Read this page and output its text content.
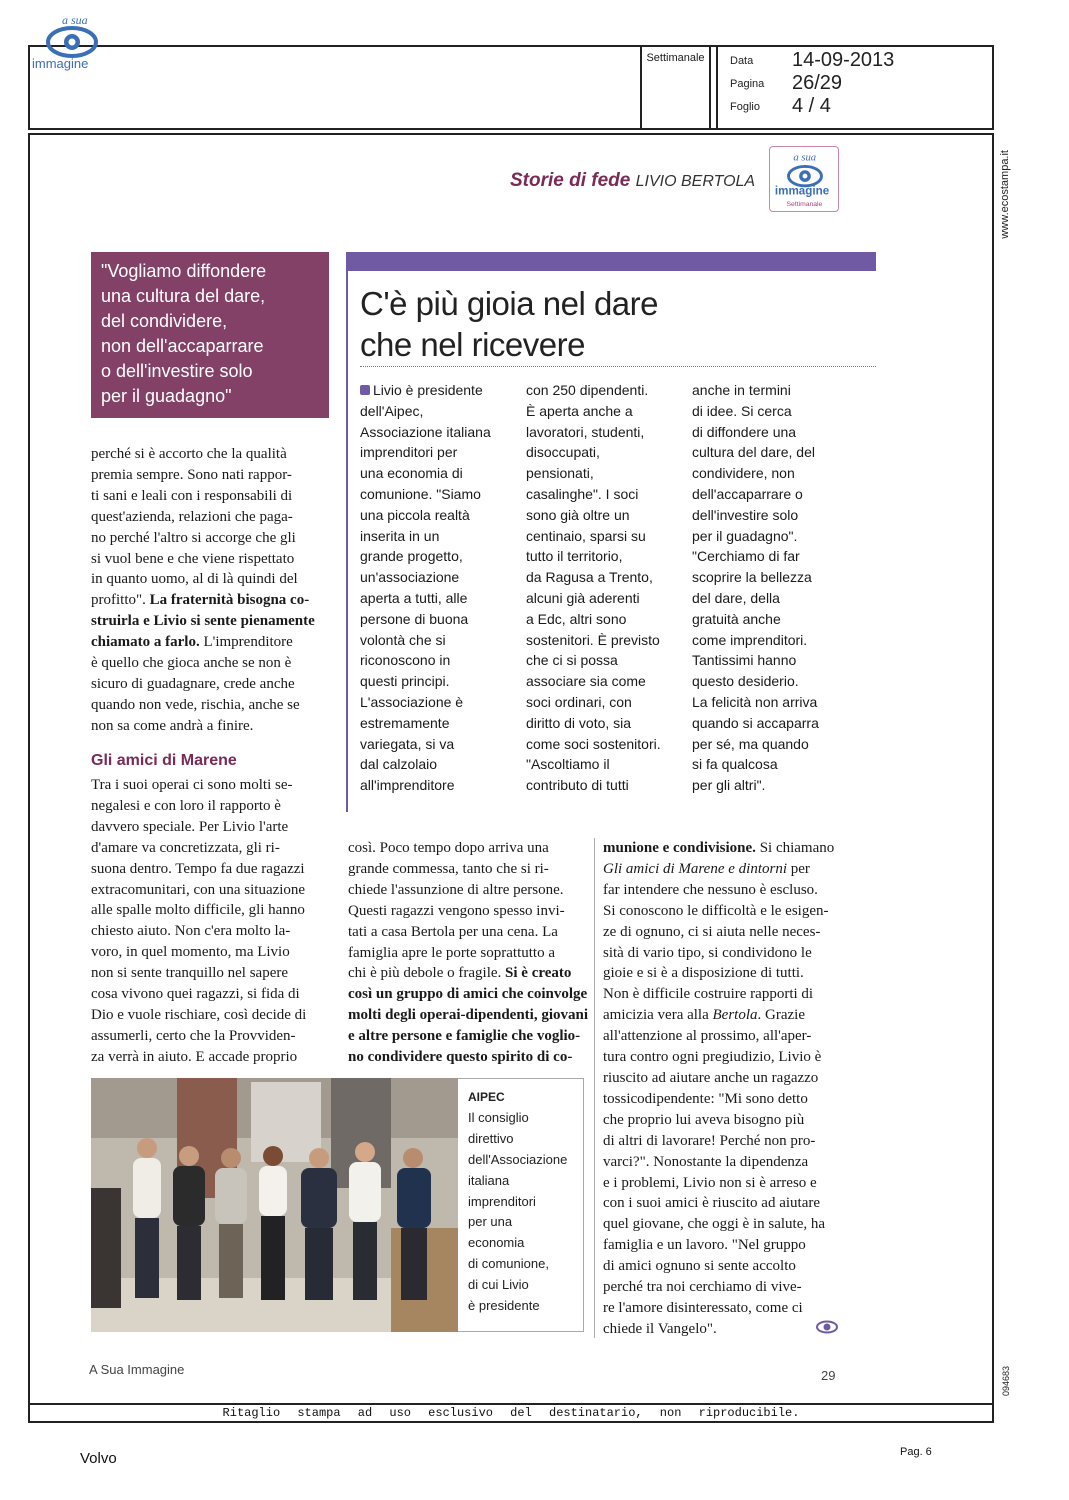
a sua
immagine	Settimanale	Data 14-09-2013
Pagina 26/29
Foglio 4 / 4
www.ecostampa.it
094683
Storie di fede LIVIO BERTOLA
a sua
immagine
Settimanale
"Vogliamo diffondere
una cultura del dare,
del condividere,
non dell'accaparrare
o dell'investire solo
per il guadagno"
C'è più gioia nel dare
che nel ricevere
Livio è presidente
dell'Aipec,
Associazione italiana
imprenditori per
una economia di
comunione. "Siamo
una piccola realtà
inserita in un
grande progetto,
un'associazione
aperta a tutti, alle
persone di buona
volontà che si
riconoscono in
questi principi.
L'associazione è
estremamente
variegata, si va
dal calzolaio
all'imprenditore
con 250 dipendenti.
È aperta anche a
lavoratori, studenti,
disoccupati,
pensionati,
casalinghe". I soci
sono già oltre un
centinaio, sparsi su
tutto il territorio,
da Ragusa a Trento,
alcuni già aderenti
a Edc, altri sono
sostenitori. È previsto
che ci si possa
associare sia come
soci ordinari, con
diritto di voto, sia
come soci sostenitori.
"Ascoltiamo il
contributo di tutti
anche in termini
di idee. Si cerca
di diffondere una
cultura del dare, del
condividere, non
dell'accaparrare o
dell'investire solo
per il guadagno".
"Cerchiamo di far
scoprire la bellezza
del dare, della
gratuità anche
come imprenditori.
Tantissimi hanno
questo desiderio.
La felicità non arriva
quando si accaparra
per sé, ma quando
si fa qualcosa
per gli altri".
perché si è accorto che la qualità
premia sempre. Sono nati rappor-
ti sani e leali con i responsabili di
quest'azienda, relazioni che paga-
no perché l'altro si accorge che gli
si vuol bene e che viene rispettato
in quanto uomo, al di là quindi del
profitto". La fraternità bisogna co-
struirla e Livio si sente pienamente
chiamato a farlo. L'imprenditore
è quello che gioca anche se non è
sicuro di guadagnare, crede anche
quando non vede, rischia, anche se
non sa come andrà a finire.
Gli amici di Marene
Tra i suoi operai ci sono molti se-
negalesi e con loro il rapporto è
davvero speciale. Per Livio l'arte
d'amare va concretizzata, gli ri-
suona dentro. Tempo fa due ragazzi
extracomunitari, con una situazione
alle spalle molto difficile, gli hanno
chiesto aiuto. Non c'era molto la-
voro, in quel momento, ma Livio
non si sente tranquillo nel sapere
cosa vivono quei ragazzi, si fida di
Dio e vuole rischiare, così decide di
assumerli, certo che la Provviden-
za verrà in aiuto. E accade proprio
così. Poco tempo dopo arriva una
grande commessa, tanto che si ri-
chiede l'assunzione di altre persone.
Questi ragazzi vengono spesso invi-
tati a casa Bertola per una cena. La
famiglia apre le porte soprattutto a
chi è più debole o fragile. Si è creato
così un gruppo di amici che coinvolge
molti degli operai-dipendenti, giovani
e altre persone e famiglie che voglio-
no condividere questo spirito di co-
munione e condivisione. Si chiamano
Gli amici di Marene e dintorni per
far intendere che nessuno è escluso.
Si conoscono le difficoltà e le esigen-
ze di ognuno, ci si aiuta nelle neces-
sità di vario tipo, si condividono le
gioie e si è a disposizione di tutti.
Non è difficile costruire rapporti di
amicizia vera alla Bertola. Grazie
all'attenzione al prossimo, all'aper-
tura contro ogni pregiudizio, Livio è
riuscito ad aiutare anche un ragazzo
tossicodipendente: "Mi sono detto
che proprio lui aveva bisogno più
di altri di lavorare! Perché non pro-
varci?". Nonostante la dipendenza
e i problemi, Livio non si è arreso e
con i suoi amici è riuscito ad aiutare
quel giovane, che oggi è in salute, ha
famiglia e un lavoro. "Nel gruppo
di amici ognuno si sente accolto
perché tra noi cerchiamo di vive-
re l'amore disinteressato, come ci
chiede il Vangelo".
AIPEC
Il consiglio
direttivo
dell'Associazione
italiana
imprenditori
per una
economia
di comunione,
di cui Livio
è presidente
A Sua Immagine	29
Ritaglio stampa ad uso esclusivo del destinatario, non riproducibile.
Volvo	Pag. 6
